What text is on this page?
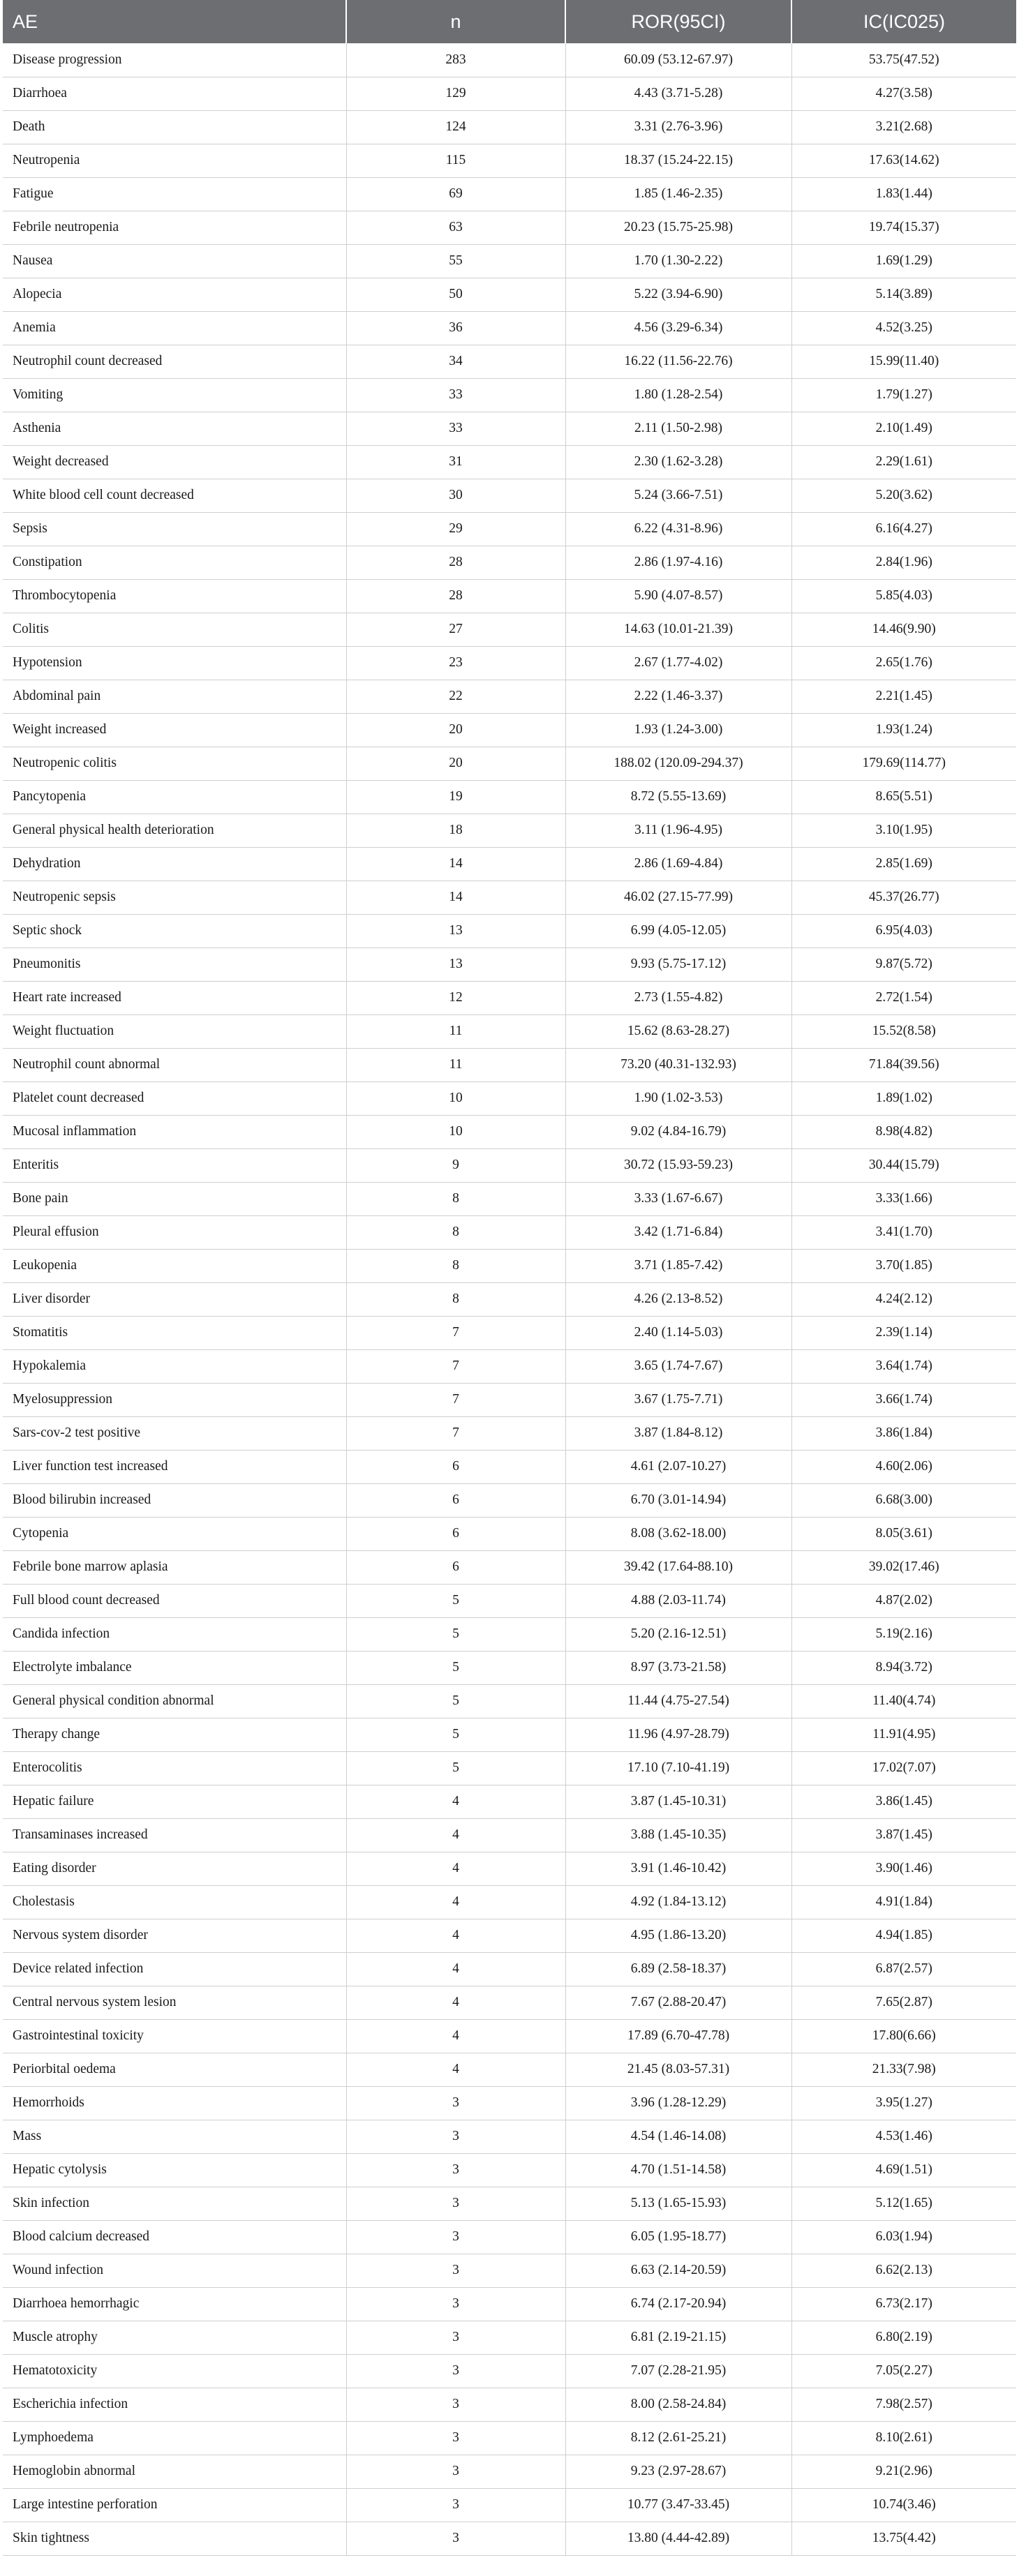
AE	n	ROR(95CI)	IC(IC025)
Disease progression	283	60.09 (53.12-67.97)	53.75(47.52)
Diarrhoea	129	4.43 (3.71-5.28)	4.27(3.58)
Death	124	3.31 (2.76-3.96)	3.21(2.68)
Neutropenia	115	18.37 (15.24-22.15)	17.63(14.62)
Fatigue	69	1.85 (1.46-2.35)	1.83(1.44)
Febrile neutropenia	63	20.23 (15.75-25.98)	19.74(15.37)
Nausea	55	1.70 (1.30-2.22)	1.69(1.29)
Alopecia	50	5.22 (3.94-6.90)	5.14(3.89)
Anemia	36	4.56 (3.29-6.34)	4.52(3.25)
Neutrophil count decreased	34	16.22 (11.56-22.76)	15.99(11.40)
Vomiting	33	1.80 (1.28-2.54)	1.79(1.27)
Asthenia	33	2.11 (1.50-2.98)	2.10(1.49)
Weight decreased	31	2.30 (1.62-3.28)	2.29(1.61)
White blood cell count decreased	30	5.24 (3.66-7.51)	5.20(3.62)
Sepsis	29	6.22 (4.31-8.96)	6.16(4.27)
Constipation	28	2.86 (1.97-4.16)	2.84(1.96)
Thrombocytopenia	28	5.90 (4.07-8.57)	5.85(4.03)
Colitis	27	14.63 (10.01-21.39)	14.46(9.90)
Hypotension	23	2.67 (1.77-4.02)	2.65(1.76)
Abdominal pain	22	2.22 (1.46-3.37)	2.21(1.45)
Weight increased	20	1.93 (1.24-3.00)	1.93(1.24)
Neutropenic colitis	20	188.02 (120.09-294.37)	179.69(114.77)
Pancytopenia	19	8.72 (5.55-13.69)	8.65(5.51)
General physical health deterioration	18	3.11 (1.96-4.95)	3.10(1.95)
Dehydration	14	2.86 (1.69-4.84)	2.85(1.69)
Neutropenic sepsis	14	46.02 (27.15-77.99)	45.37(26.77)
Septic shock	13	6.99 (4.05-12.05)	6.95(4.03)
Pneumonitis	13	9.93 (5.75-17.12)	9.87(5.72)
Heart rate increased	12	2.73 (1.55-4.82)	2.72(1.54)
Weight fluctuation	11	15.62 (8.63-28.27)	15.52(8.58)
Neutrophil count abnormal	11	73.20 (40.31-132.93)	71.84(39.56)
Platelet count decreased	10	1.90 (1.02-3.53)	1.89(1.02)
Mucosal inflammation	10	9.02 (4.84-16.79)	8.98(4.82)
Enteritis	9	30.72 (15.93-59.23)	30.44(15.79)
Bone pain	8	3.33 (1.67-6.67)	3.33(1.66)
Pleural effusion	8	3.42 (1.71-6.84)	3.41(1.70)
Leukopenia	8	3.71 (1.85-7.42)	3.70(1.85)
Liver disorder	8	4.26 (2.13-8.52)	4.24(2.12)
Stomatitis	7	2.40 (1.14-5.03)	2.39(1.14)
Hypokalemia	7	3.65 (1.74-7.67)	3.64(1.74)
Myelosuppression	7	3.67 (1.75-7.71)	3.66(1.74)
Sars-cov-2 test positive	7	3.87 (1.84-8.12)	3.86(1.84)
Liver function test increased	6	4.61 (2.07-10.27)	4.60(2.06)
Blood bilirubin increased	6	6.70 (3.01-14.94)	6.68(3.00)
Cytopenia	6	8.08 (3.62-18.00)	8.05(3.61)
Febrile bone marrow aplasia	6	39.42 (17.64-88.10)	39.02(17.46)
Full blood count decreased	5	4.88 (2.03-11.74)	4.87(2.02)
Candida infection	5	5.20 (2.16-12.51)	5.19(2.16)
Electrolyte imbalance	5	8.97 (3.73-21.58)	8.94(3.72)
General physical condition abnormal	5	11.44 (4.75-27.54)	11.40(4.74)
Therapy change	5	11.96 (4.97-28.79)	11.91(4.95)
Enterocolitis	5	17.10 (7.10-41.19)	17.02(7.07)
Hepatic failure	4	3.87 (1.45-10.31)	3.86(1.45)
Transaminases increased	4	3.88 (1.45-10.35)	3.87(1.45)
Eating disorder	4	3.91 (1.46-10.42)	3.90(1.46)
Cholestasis	4	4.92 (1.84-13.12)	4.91(1.84)
Nervous system disorder	4	4.95 (1.86-13.20)	4.94(1.85)
Device related infection	4	6.89 (2.58-18.37)	6.87(2.57)
Central nervous system lesion	4	7.67 (2.88-20.47)	7.65(2.87)
Gastrointestinal toxicity	4	17.89 (6.70-47.78)	17.80(6.66)
Periorbital oedema	4	21.45 (8.03-57.31)	21.33(7.98)
Hemorrhoids	3	3.96 (1.28-12.29)	3.95(1.27)
Mass	3	4.54 (1.46-14.08)	4.53(1.46)
Hepatic cytolysis	3	4.70 (1.51-14.58)	4.69(1.51)
Skin infection	3	5.13 (1.65-15.93)	5.12(1.65)
Blood calcium decreased	3	6.05 (1.95-18.77)	6.03(1.94)
Wound infection	3	6.63 (2.14-20.59)	6.62(2.13)
Diarrhoea hemorrhagic	3	6.74 (2.17-20.94)	6.73(2.17)
Muscle atrophy	3	6.81 (2.19-21.15)	6.80(2.19)
Hematotoxicity	3	7.07 (2.28-21.95)	7.05(2.27)
Escherichia infection	3	8.00 (2.58-24.84)	7.98(2.57)
Lymphoedema	3	8.12 (2.61-25.21)	8.10(2.61)
Hemoglobin abnormal	3	9.23 (2.97-28.67)	9.21(2.96)
Large intestine perforation	3	10.77 (3.47-33.45)	10.74(3.46)
Skin tightness	3	13.80 (4.44-42.89)	13.75(4.42)
